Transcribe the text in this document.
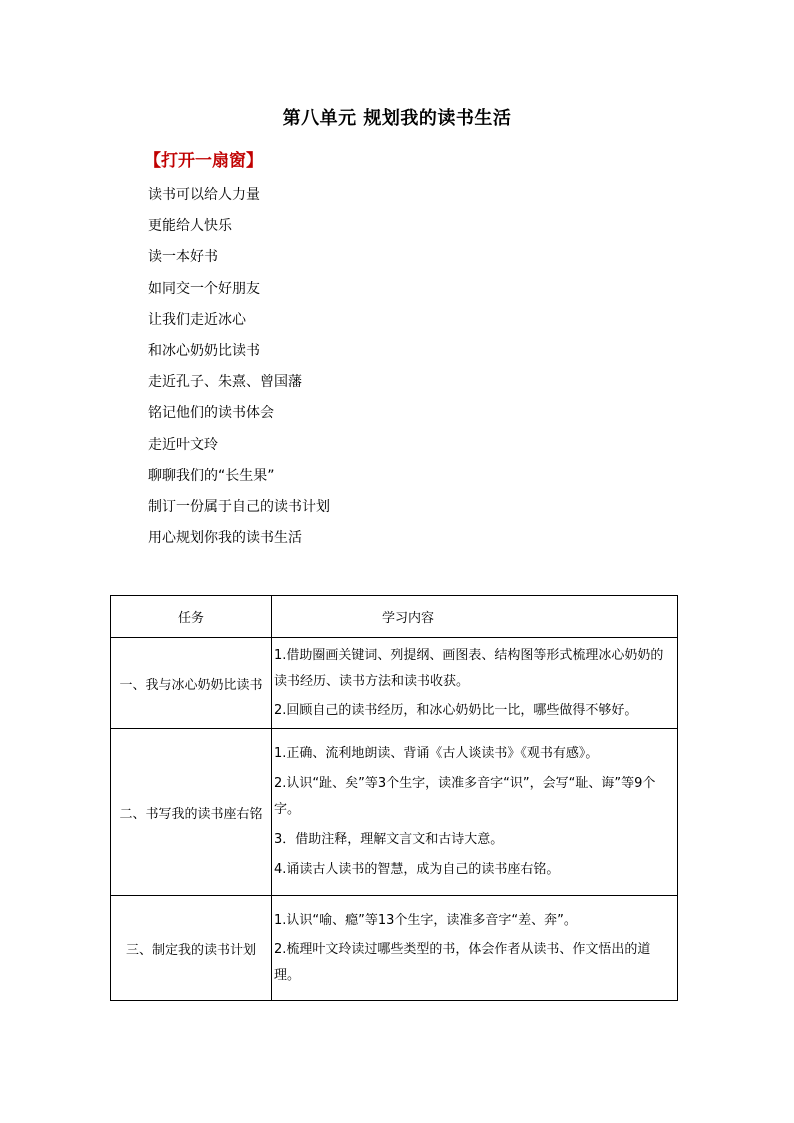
第八单元 规划我的读书生活
【打开一扇窗】
读书可以给人力量
更能给人快乐
读一本好书
如同交一个好朋友
让我们走近冰心
和冰心奶奶比读书
走近孔子、朱熹、曾国藩
铭记他们的读书体会
走近叶文玲
聊聊我们的“长生果”
制订一份属于自己的读书计划
用心规划你我的读书生活
任务	学习内容
一、我与冰心奶奶比读书	1.借助圈画关键词、列提纲、画图表、结构图等形式梳理冰心奶奶的读书经历、读书方法和读书收获。
2.回顾自己的读书经历，和冰心奶奶比一比，哪些做得不够好。

二、书写我的读书座右铭	1.正确、流利地朗读、背诵《古人谈读书》《观书有感》。
2.认识“趾、矣”等3个生字，读准多音字“识”，会写“耻、诲”等9个字。
3．借助注释，理解文言文和古诗大意。
4.诵读古人读书的智慧，成为自己的读书座右铭。

三、制定我的读书计划	1.认识“喻、瘾”等13个生字，读准多音字“差、奔”。
2.梳理叶文玲读过哪些类型的书，体会作者从读书、作文悟出的道理。
